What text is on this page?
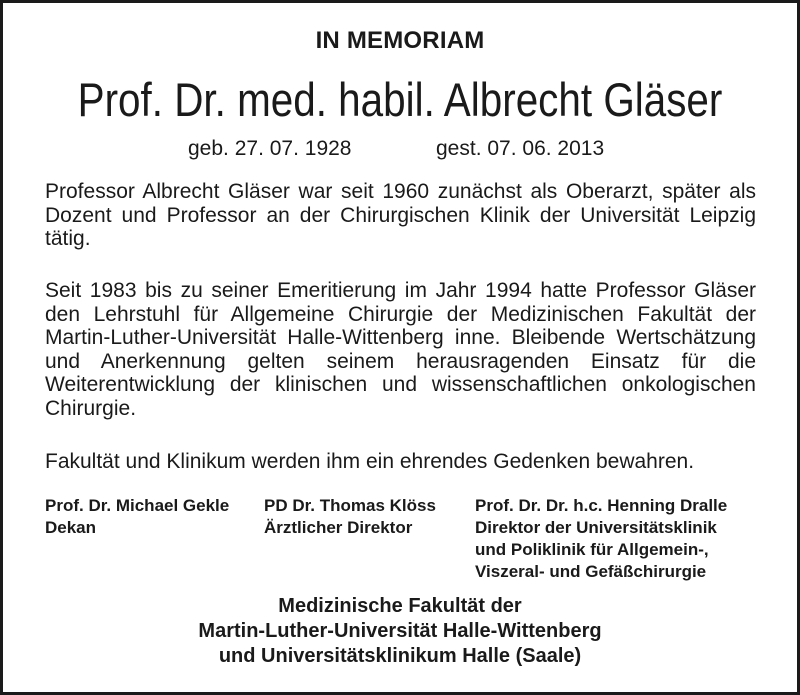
IN MEMORIAM
Prof. Dr. med. habil. Albrecht Gläser
geb. 27. 07. 1928	gest. 07. 06. 2013

Professor Albrecht Gläser war seit 1960 zunächst als Oberarzt, später als Dozent und Professor an der Chirurgischen Klinik der Universität Leipzig tätig.

Seit 1983 bis zu seiner Emeritierung im Jahr 1994 hatte Professor Gläser den Lehrstuhl für Allgemeine Chirurgie der Medizinischen Fakultät der Martin-Luther-Universität Halle-Wittenberg inne. Bleibende Wertschätzung und Anerkennung gelten seinem herausragenden Einsatz für die Weiterentwicklung der klinischen und wissenschaftlichen onkologischen Chirurgie.

Fakultät und Klinikum werden ihm ein ehrendes Gedenken bewahren.

Prof. Dr. Michael Gekle
Dekan
PD Dr. Thomas Klöss
Ärztlicher Direktor
Prof. Dr. Dr. h.c. Henning Dralle
Direktor der Universitätsklinik
und Poliklinik für Allgemein-,
Viszeral- und Gefäßchirurgie
Medizinische Fakultät der
Martin-Luther-Universität Halle-Wittenberg
und Universitätsklinikum Halle (Saale)
